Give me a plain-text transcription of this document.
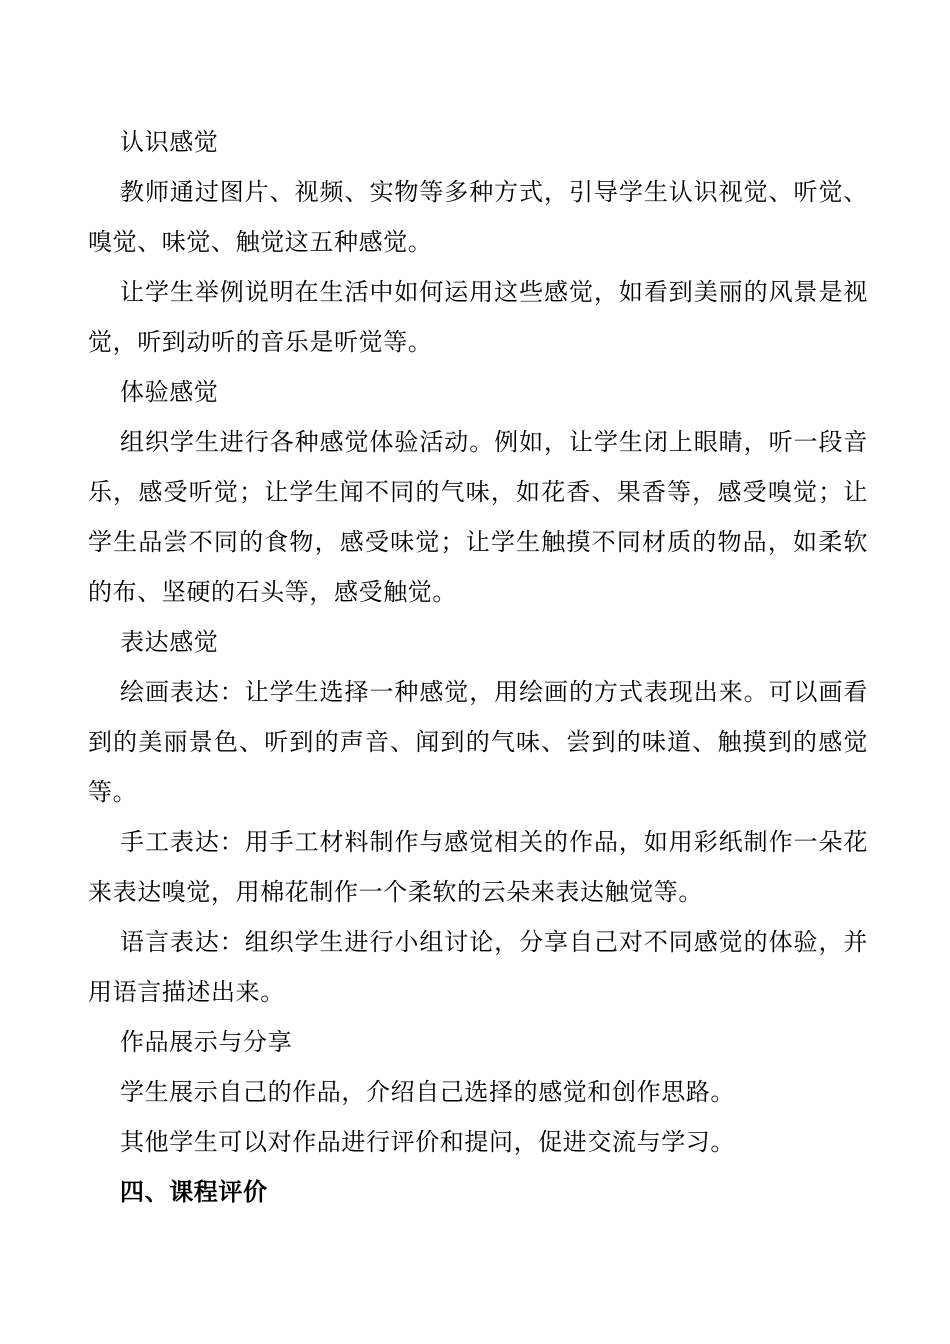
认识感觉

教师通过图片、视频、实物等多种方式，引导学生认识视觉、听觉、嗅觉、味觉、触觉这五种感觉。

让学生举例说明在生活中如何运用这些感觉，如看到美丽的风景是视觉，听到动听的音乐是听觉等。

体验感觉

组织学生进行各种感觉体验活动。例如，让学生闭上眼睛，听一段音乐，感受听觉；让学生闻不同的气味，如花香、果香等，感受嗅觉；让学生品尝不同的食物，感受味觉；让学生触摸不同材质的物品，如柔软的布、坚硬的石头等，感受触觉。

表达感觉

绘画表达：让学生选择一种感觉，用绘画的方式表现出来。可以画看到的美丽景色、听到的声音、闻到的气味、尝到的味道、触摸到的感觉等。

手工表达：用手工材料制作与感觉相关的作品，如用彩纸制作一朵花来表达嗅觉，用棉花制作一个柔软的云朵来表达触觉等。

语言表达：组织学生进行小组讨论，分享自己对不同感觉的体验，并用语言描述出来。

作品展示与分享

学生展示自己的作品，介绍自己选择的感觉和创作思路。

其他学生可以对作品进行评价和提问，促进交流与学习。

四、课程评价
